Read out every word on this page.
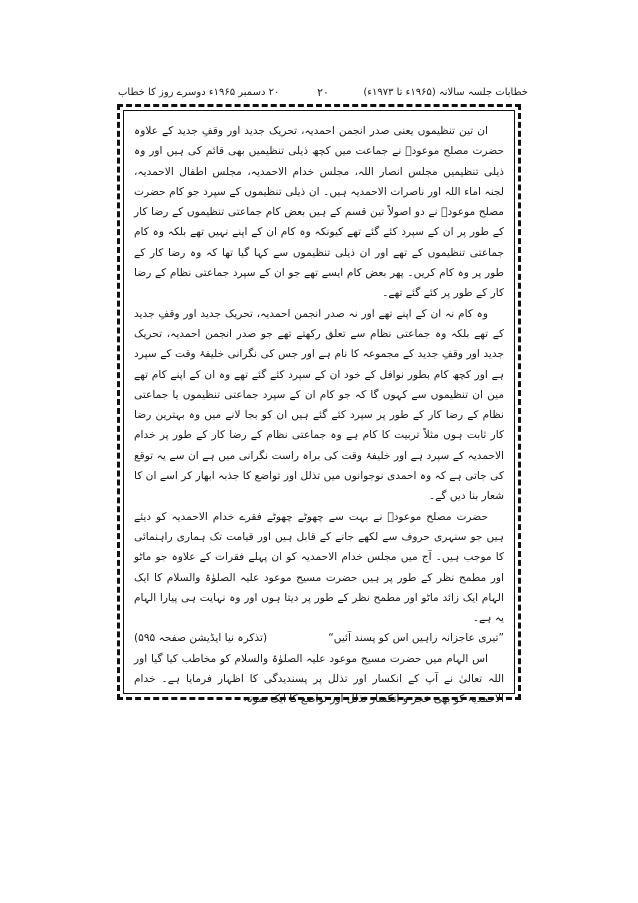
خطابات جلسہ سالانہ (۱۹۶۵ء تا ۱۹۷۳ء)
۲۰
۲۰ دسمبر ۱۹۶۵ء دوسرے روز کا خطاب

ان تین تنظیموں یعنی صدر انجمن احمدیہ، تحریک جدید اور وقفِ جدید کے علاوہ حضرت مصلح موعودؓ نے جماعت میں کچھ ذیلی تنظیمیں بھی قائم کی ہیں اور وہ ذیلی تنظیمیں مجلس انصار اللہ، مجلس خدام الاحمدیہ، مجلس اطفال الاحمدیہ، لجنہ اماء اللہ اور ناصرات الاحمدیہ ہیں۔ ان ذیلی تنظیموں کے سپرد جو کام حضرت مصلح موعودؓ نے دو اصولاً تین قسم کے ہیں بعض کام جماعتی تنظیموں کے رضا کار کے طور پر ان کے سپرد کئے گئے تھے کیونکہ وہ کام ان کے اپنے نہیں تھے بلکہ وہ کام جماعتی تنظیموں کے تھے اور ان ذیلی تنظیموں سے کہا گیا تھا کہ وہ رضا کار کے طور پر وہ کام کریں۔ پھر بعض کام ایسے تھے جو ان کے سپرد جماعتی نظام کے رضا کار کے طور پر کئے گئے تھے۔

وہ کام نہ ان کے اپنے تھے اور نہ صدر انجمن احمدیہ، تحریک جدید اور وقفِ جدید کے تھے بلکہ وہ جماعتی نظام سے تعلق رکھتے تھے جو صدر انجمن احمدیہ، تحریک جدید اور وقفِ جدید کے مجموعہ کا نام ہے اور جس کی نگرانی خلیفۂ وقت کے سپرد ہے اور کچھ کام بطور نوافل کے خود ان کے سپرد کئے گئے تھے وہ ان کے اپنے کام تھے میں ان تنظیموں سے کہوں گا کہ جو کام ان کے سپرد جماعتی تنظیموں یا جماعتی نظام کے رضا کار کے طور پر سپرد کئے گئے ہیں ان کو بجا لانے میں وہ بہترین رضا کار ثابت ہوں مثلاً تربیت کا کام ہے وہ جماعتی نظام کے رضا کار کے طور پر خدام الاحمدیہ کے سپرد ہے اور خلیفۂ وقت کی براہ راست نگرانی میں ہے ان سے یہ توقع کی جاتی ہے کہ وہ احمدی نوجوانوں میں تذلل اور تواضع کا جذبہ ابھار کر اسے ان کا شعار بنا دیں گے۔

حضرت مصلح موعودؓ نے بہت سے چھوٹے چھوٹے فقرے خدام الاحمدیہ کو دیئے ہیں جو سنہری حروف سے لکھے جانے کے قابل ہیں اور قیامت تک ہماری راہنمائی کا موجب ہیں۔ آج میں مجلس خدام الاحمدیہ کو ان پہلے فقرات کے علاوہ جو ماٹو اور مطمح نظر کے طور پر ہیں حضرت مسیح موعود علیہ الصلوٰۃ والسلام کا ایک الہام ایک زائد ماٹو اور مطمح نظر کے طور پر دیتا ہوں اور وہ نہایت ہی پیارا الہام یہ ہے۔

”تیری عاجزانہ راہیں اس کو پسند آئیں“
(تذکرہ نیا ایڈیشن صفحہ ۵۹۵)

اس الہام میں حضرت مسیح موعود علیہ الصلوٰۃ والسلام کو مخاطب کیا گیا اور اللہ تعالیٰ نے آپ کے انکسار اور تذلل پر پسندیدگی کا اظہار فرمایا ہے۔ خدام الاحمدیہ کو بھی عجز و انکسار تذلل اور تواضع کا ایک نمونہ
